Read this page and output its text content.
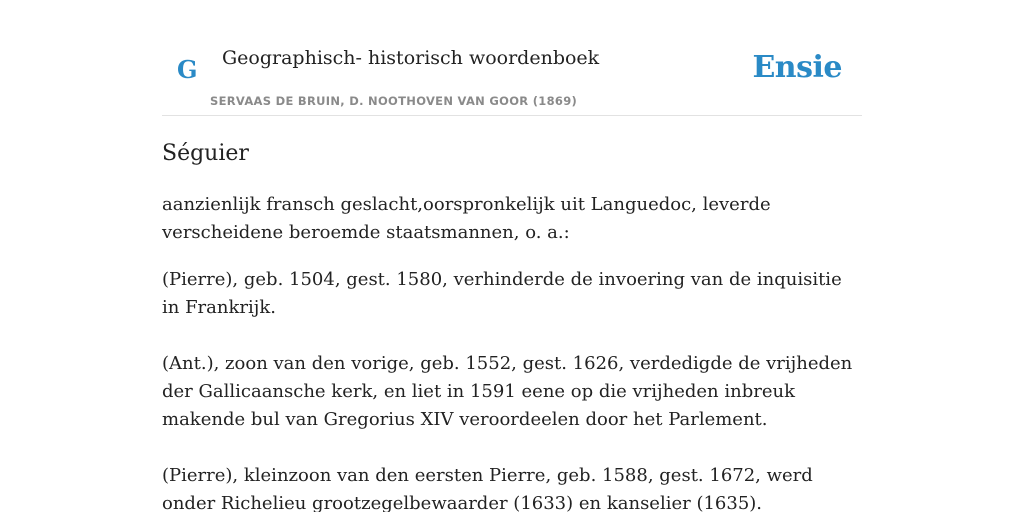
G Geographisch- historisch woordenboek
SERVAAS DE BRUIN, D. NOOTHOVEN VAN GOOR (1869)
Ensie
Séguier

aanzienlijk fransch geslacht,oorspronkelijk uit Languedoc, leverde verscheidene beroemde staatsmannen, o. a.:

(Pierre), geb. 1504, gest. 1580, verhinderde de invoering van de inquisitie in Frankrijk.

(Ant.), zoon van den vorige, geb. 1552, gest. 1626, verdedigde de vrijheden der Gallicaansche kerk, en liet in 1591 eene op die vrijheden inbreuk makende bul van Gregorius XIV veroordeelen door het Parlement.

(Pierre), kleinzoon van den eersten Pierre, geb. 1588, gest. 1672, werd onder Richelieu grootzegelbewaarder (1633) en kanselier (1635).
